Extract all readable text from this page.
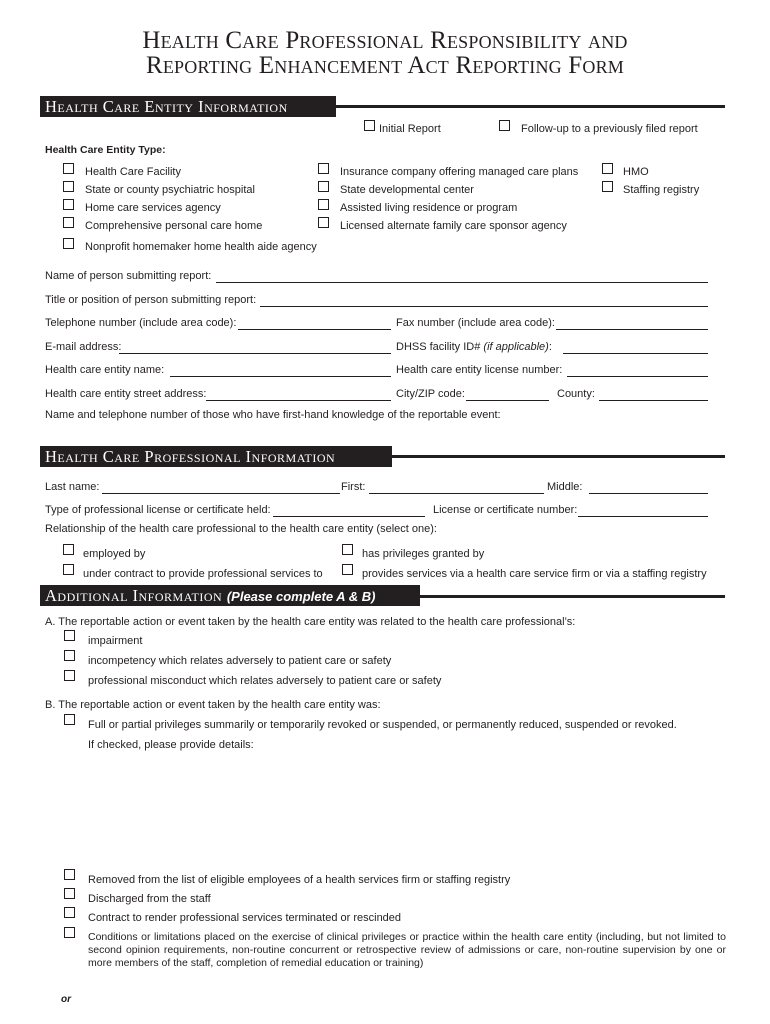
Health Care Professional Responsibility and
Reporting Enhancement Act Reporting Form
Health Care Entity Information
Initial Report	Follow-up to a previously filed report
Health Care Entity Type:
Health Care Facility
State or county psychiatric hospital
Home care services agency
Comprehensive personal care home
Nonprofit homemaker home health aide agency
Insurance company offering managed care plans
State developmental center
Assisted living residence or program
Licensed alternate family care sponsor agency
HMO
Staffing registry
Name of person submitting report:
Title or position of person submitting report:
Telephone number (include area code):	Fax number (include area code):
E-mail address:	DHSS facility ID# (if applicable):
Health care entity name:	Health care entity license number:
Health care entity street address:	City/ZIP code:	County:
Name and telephone number of those who have first-hand knowledge of the reportable event:
Health Care Professional Information
Last name:	First:	Middle:
Type of professional license or certificate held:	License or certificate number:
Relationship of the health care professional to the health care entity (select one):
employed by	has privileges granted by
under contract to provide professional services to	provides services via a health care service firm or via a staffing registry
Additional Information (Please complete A & B)
A. The reportable action or event taken by the health care entity was related to the health care professional’s:
impairment
incompetency which relates adversely to patient care or safety
professional misconduct which relates adversely to patient care or safety
B. The reportable action or event taken by the health care entity was:
Full or partial privileges summarily or temporarily revoked or suspended, or permanently reduced, suspended or revoked.
If checked, please provide details:
Removed from the list of eligible employees of a health services firm or staffing registry
Discharged from the staff
Contract to render professional services terminated or rescinded
Conditions or limitations placed on the exercise of clinical privileges or practice within the health care entity (including, but not limited to second opinion requirements, non-routine concurrent or retrospective review of admissions or care, non-routine supervision by one or more members of the staff, completion of remedial education or training)
or
